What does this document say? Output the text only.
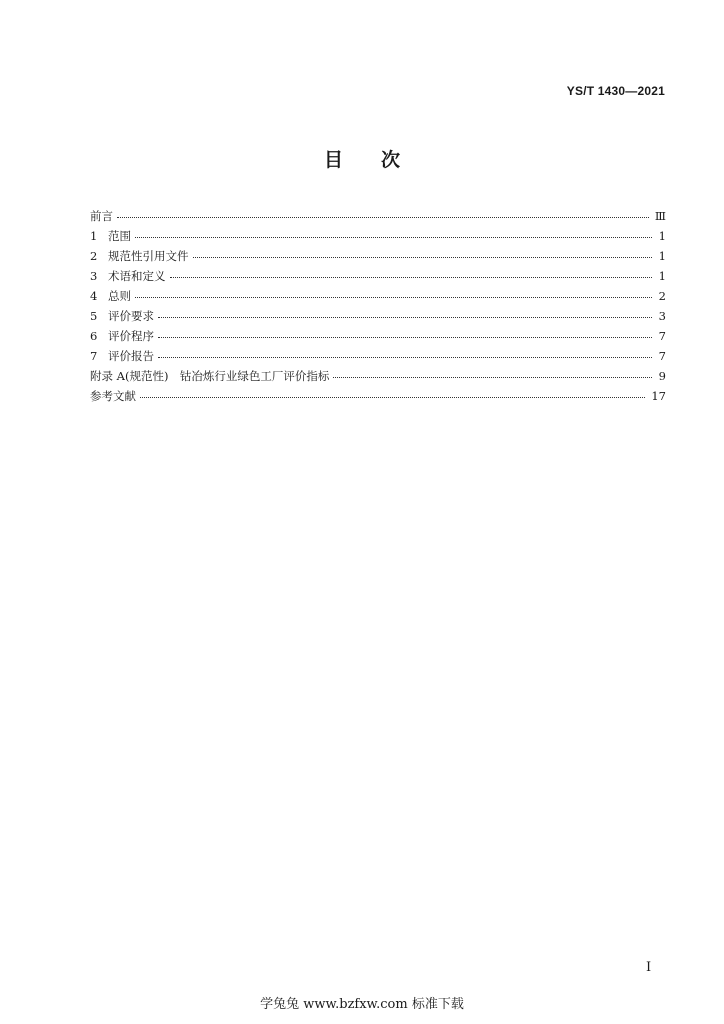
YS/T 1430—2021
目　　次
前言	Ⅲ
1 范围	1
2 规范性引用文件	1
3 术语和定义	1
4 总则	2
5 评价要求	3
6 评价程序	7
7 评价报告	7
附录 A(规范性)　钴冶炼行业绿色工厂评价指标	9
参考文献	17
Ⅰ
学兔兔 www.bzfxw.com 标准下载
